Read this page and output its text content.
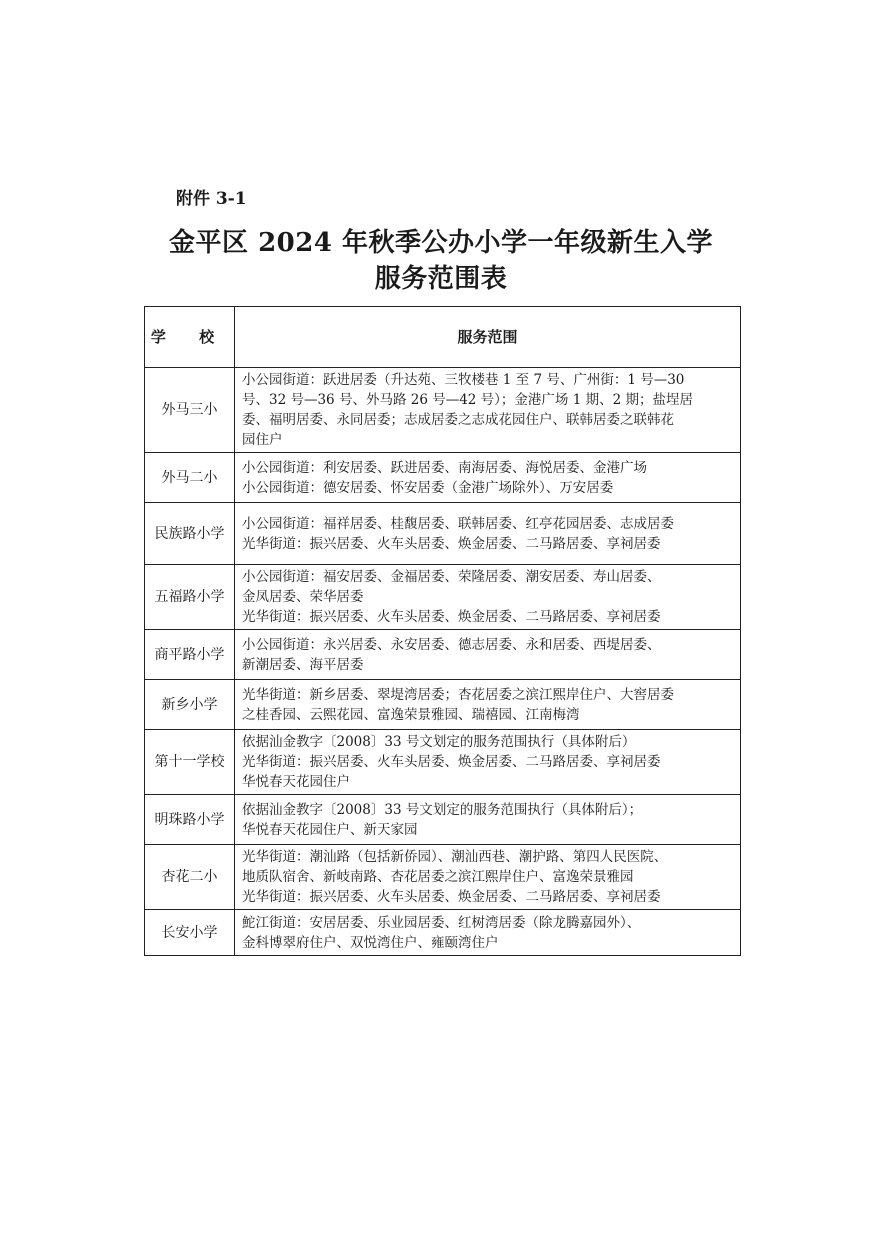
附件 3-1
金平区 2024 年秋季公办小学一年级新生入学
服务范围表
学 校	服务范围
外马三小	小公园街道：跃进居委（升达苑、三牧楼巷 1 至 7 号、广州街：1 号—30
号、32 号—36 号、外马路 26 号—42 号）；金港广场 1 期、2 期；盐埕居
委、福明居委、永同居委；志成居委之志成花园住户、联韩居委之联韩花
园住户

外马二小	小公园街道：利安居委、跃进居委、南海居委、海悦居委、金港广场
小公园街道：德安居委、怀安居委（金港广场除外）、万安居委

民族路小学	小公园街道：福祥居委、桂馥居委、联韩居委、红亭花园居委、志成居委
光华街道：振兴居委、火车头居委、焕金居委、二马路居委、享祠居委

五福路小学	小公园街道：福安居委、金福居委、荣隆居委、潮安居委、寿山居委、
金凤居委、荣华居委
光华街道：振兴居委、火车头居委、焕金居委、二马路居委、享祠居委

商平路小学	小公园街道：永兴居委、永安居委、德志居委、永和居委、西堤居委、
新潮居委、海平居委

新乡小学	光华街道：新乡居委、翠堤湾居委；杏花居委之滨江熙岸住户、大窖居委
之桂香园、云熙花园、富逸荣景雅园、瑞禧园、江南梅湾

第十一学校	依据汕金教字〔2008〕33 号文划定的服务范围执行（具体附后）
光华街道：振兴居委、火车头居委、焕金居委、二马路居委、享祠居委
华悦春天花园住户

明珠路小学	依据汕金教字〔2008〕33 号文划定的服务范围执行（具体附后）；
华悦春天花园住户、新天家园

杏花二小	光华街道：潮汕路（包括新侨园）、潮汕西巷、潮护路、第四人民医院、
地质队宿舍、新岐南路、杏花居委之滨江熙岸住户、富逸荣景雅园
光华街道：振兴居委、火车头居委、焕金居委、二马路居委、享祠居委

长安小学	鮀江街道：安居居委、乐业园居委、红树湾居委（除龙腾嘉园外）、
金科博翠府住户、双悦湾住户、雍颐湾住户
